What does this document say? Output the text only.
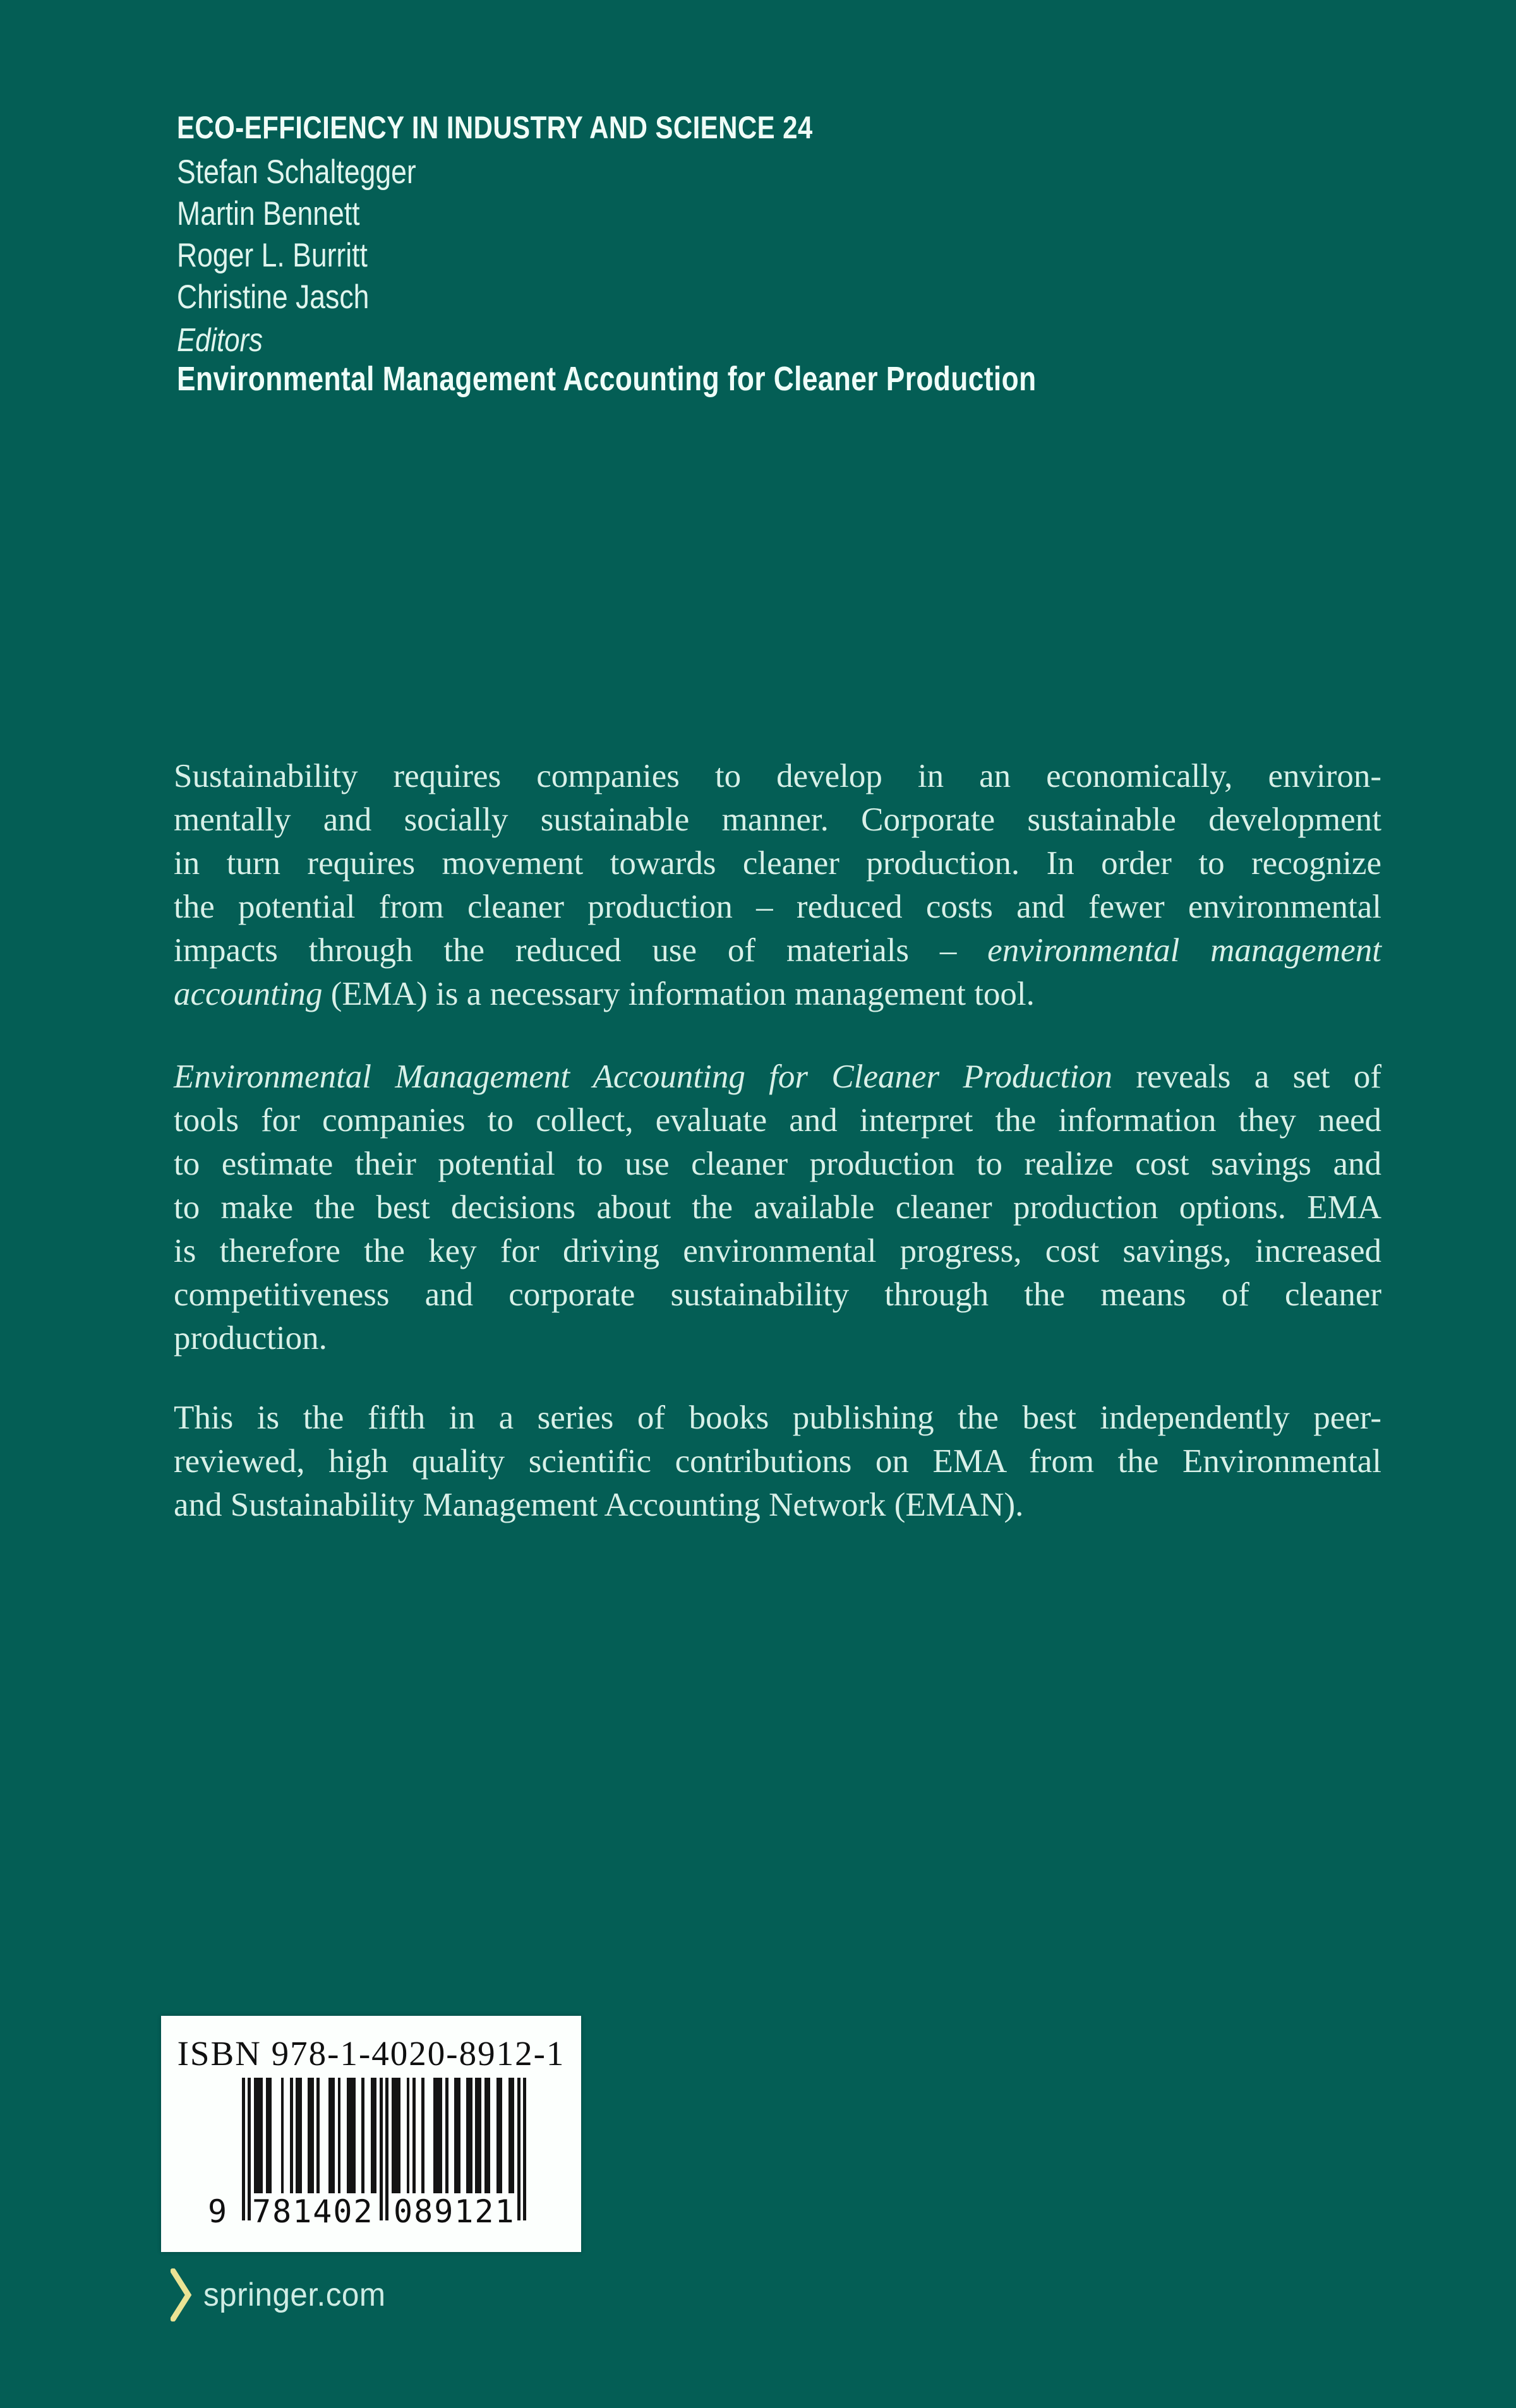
ECO-EFFICIENCY IN INDUSTRY AND SCIENCE 24
Stefan Schaltegger
Martin Bennett
Roger L. Burritt
Christine Jasch
Editors
Environmental Management Accounting for Cleaner Production
Sustainability requires companies to develop in an economically, environ-
mentally and socially sustainable manner. Corporate sustainable development
in turn requires movement towards cleaner production. In order to recognize
the potential from cleaner production – reduced costs and fewer environmental
impacts through the reduced use of materials – environmental management
accounting (EMA) is a necessary information management tool.
Environmental Management Accounting for Cleaner Production reveals a set of
tools for companies to collect, evaluate and interpret the information they need
to estimate their potential to use cleaner production to realize cost savings and
to make the best decisions about the available cleaner production options. EMA
is therefore the key for driving environmental progress, cost savings, increased
competitiveness and corporate sustainability through the means of cleaner
production.
This is the fifth in a series of books publishing the best independently peer-
reviewed, high quality scientific contributions on EMA from the Environmental
and Sustainability Management Accounting Network (EMAN).
ISBN 978-1-4020-8912-1
9 781402 089121
springer.com
